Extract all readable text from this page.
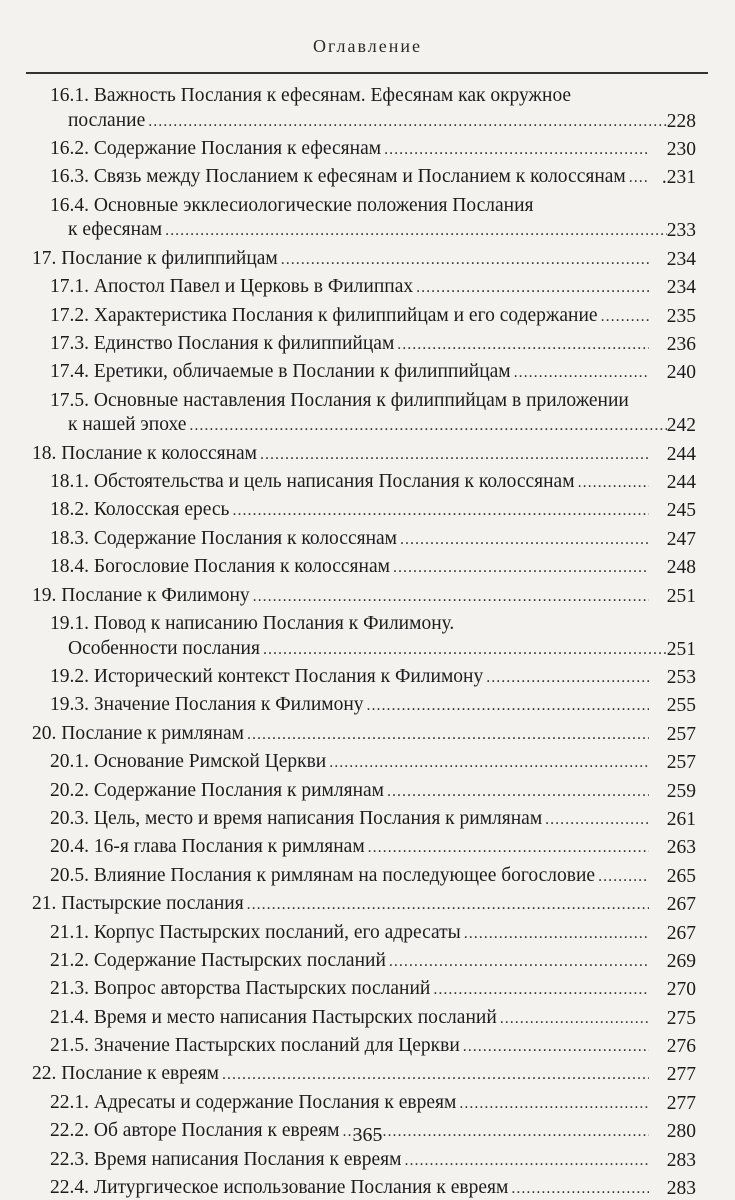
Оглавление
16.1. Важность Послания к ефесянам. Ефесянам как окружное
послание .....	228
16.2. Содержание Послания к ефесянам .....	230
16.3. Связь между Посланием к ефесянам и Посланием к колоссянам .....	.231
16.4. Основные экклесиологические положения Послания
к ефесянам .....	233
17. Послание к филиппийцам .....	234
17.1. Апостол Павел и Церковь в Филиппах .....	234
17.2. Характеристика Послания к филиппийцам и его содержание .....	235
17.3. Единство Послания к филиппийцам .....	236
17.4. Еретики, обличаемые в Послании к филиппийцам .....	240
17.5. Основные наставления Послания к филиппийцам в приложении
к нашей эпохе .....	242
18. Послание к колоссянам .....	244
18.1. Обстоятельства и цель написания Послания к колоссянам .....	244
18.2. Колосская ересь .....	245
18.3. Содержание Послания к колоссянам .....	247
18.4. Богословие Послания к колоссянам .....	248
19. Послание к Филимону .....	251
19.1. Повод к написанию Послания к Филимону.
Особенности послания .....	251
19.2. Исторический контекст Послания к Филимону .....	253
19.3. Значение Послания к Филимону .....	255
20. Послание к римлянам .....	257
20.1. Основание Римской Церкви .....	257
20.2. Содержание Послания к римлянам .....	259
20.3. Цель, место и время написания Послания к римлянам .....	261
20.4. 16-я глава Послания к римлянам .....	263
20.5. Влияние Послания к римлянам на последующее богословие .....	265
21. Пастырские послания .....	267
21.1. Корпус Пастырских посланий, его адресаты .....	267
21.2. Содержание Пастырских посланий .....	269
21.3. Вопрос авторства Пастырских посланий .....	270
21.4. Время и место написания Пастырских посланий .....	275
21.5. Значение Пастырских посланий для Церкви .....	276
22. Послание к евреям .....	277
22.1. Адресаты и содержание Послания к евреям .....	277
22.2. Об авторе Послания к евреям .....	280
22.3. Время написания Послания к евреям .....	283
22.4. Литургическое использование Послания к евреям .....	283
365
